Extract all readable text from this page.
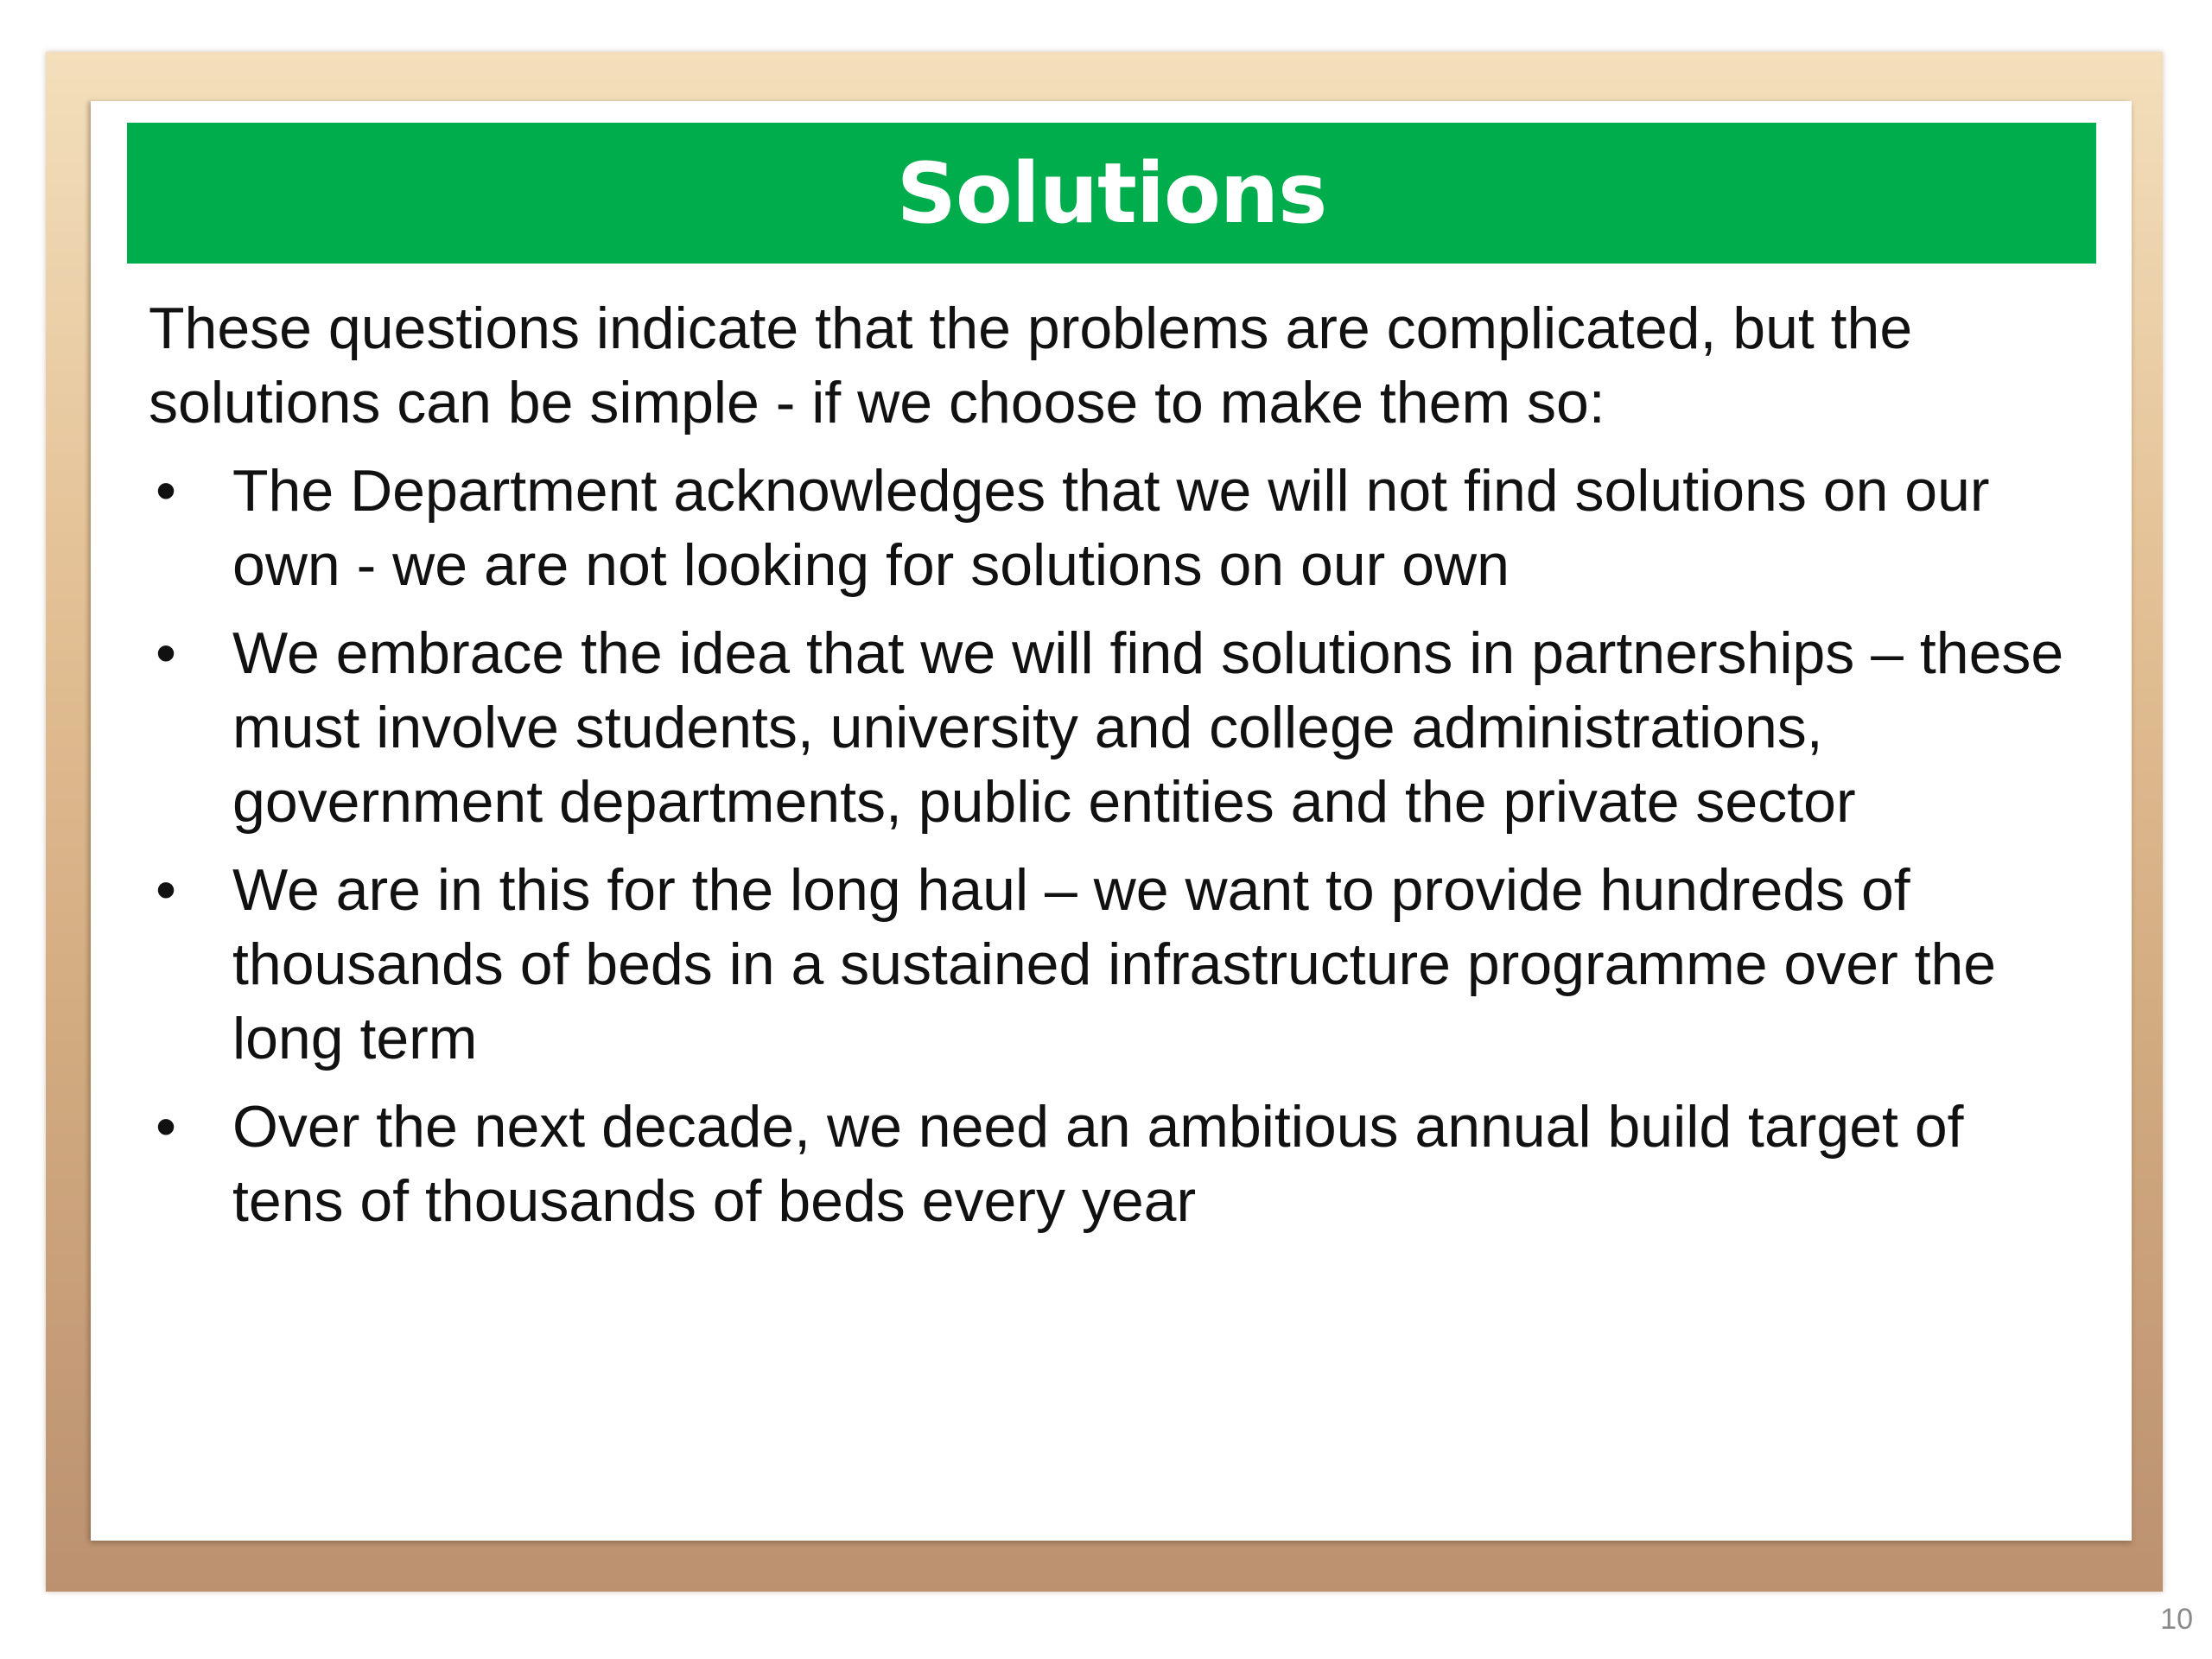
Solutions

These questions indicate that the problems are complicated, but the solutions can be simple - if we choose to make them so:

• The Department acknowledges that we will not find solutions on our own - we are not looking for solutions on our own
• We embrace the idea that we will find solutions in partnerships – these must involve students, university and college administrations, government departments, public entities and the private sector
• We are in this for the long haul – we want to provide hundreds of thousands of beds in a sustained infrastructure programme over the long term
• Over the next decade, we need an ambitious annual build target of tens of thousands of beds every year
10
